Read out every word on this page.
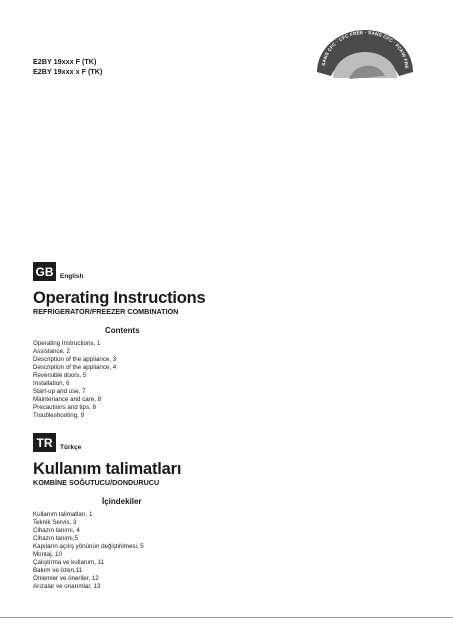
E2BY 19xxx F (TK)
E2BY 19xxx x F (TK)
SANS CFC · CFC FREE · SANS CFC · FCKW FRE
GB	English
Operating Instructions
REFRIGERATOR/FREEZER COMBINATION
Contents
Operating Instructions, 1
Assistance, 2
Description of the appliance, 3
Description of the appliance, 4
Reversible doors, 5
Installation, 6
Start-up and use, 7
Maintenance and care, 8
Precautions and tips, 8
Troubleshooting, 9
TR	Türkçe
Kullanım talimatları
KOMBİNE SOĞUTUCU/DONDURUCU
İçindekiler
Kullanım talimatları, 1
Teknik Servis, 3
Cihazın tanımı, 4
Cihazın tanımı,5
Kapıların açılış yönünün değiştirilmesi, 5
Montaj, 10
Çalıştırma ve kullanım, 11
Bakım ve özen,11
Önlemler ve öneriler, 12
Arızalar ve onarımlar, 13
